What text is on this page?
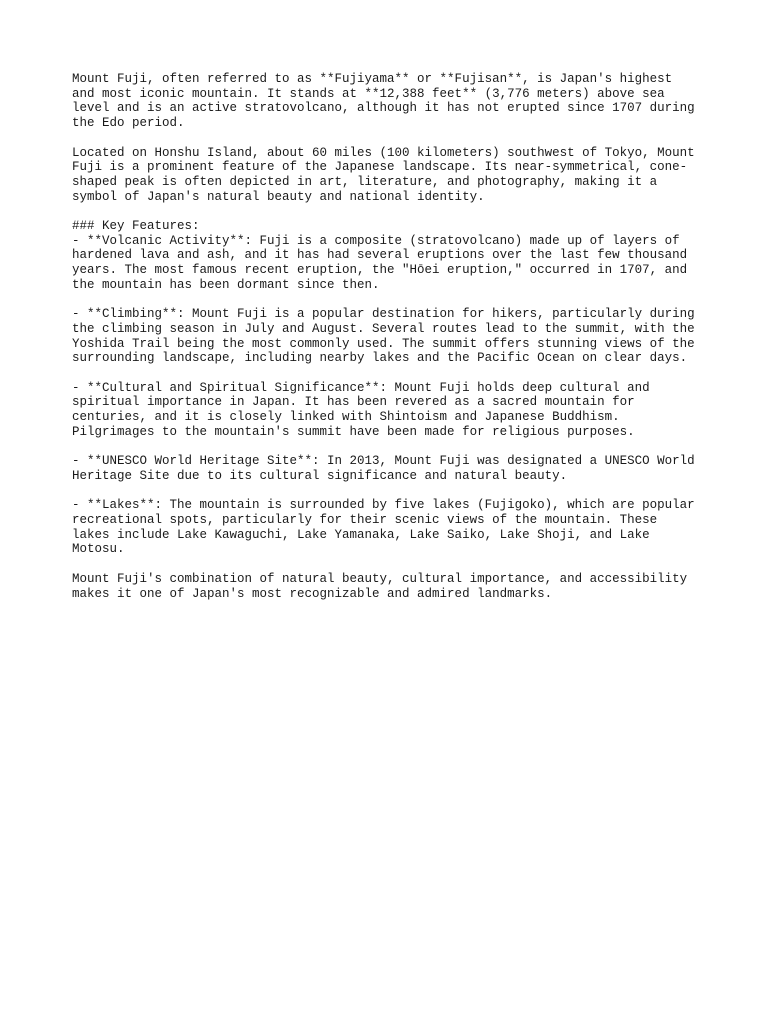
Mount Fuji, often referred to as **Fujiyama** or **Fujisan**, is Japan's highest
and most iconic mountain. It stands at **12,388 feet** (3,776 meters) above sea
level and is an active stratovolcano, although it has not erupted since 1707 during
the Edo period.

Located on Honshu Island, about 60 miles (100 kilometers) southwest of Tokyo, Mount
Fuji is a prominent feature of the Japanese landscape. Its near-symmetrical, cone-
shaped peak is often depicted in art, literature, and photography, making it a
symbol of Japan's natural beauty and national identity.

### Key Features:

- **Volcanic Activity**: Fuji is a composite (stratovolcano) made up of layers of
hardened lava and ash, and it has had several eruptions over the last few thousand
years. The most famous recent eruption, the "Hōei eruption," occurred in 1707, and
the mountain has been dormant since then.

- **Climbing**: Mount Fuji is a popular destination for hikers, particularly during
the climbing season in July and August. Several routes lead to the summit, with the
Yoshida Trail being the most commonly used. The summit offers stunning views of the
surrounding landscape, including nearby lakes and the Pacific Ocean on clear days.

- **Cultural and Spiritual Significance**: Mount Fuji holds deep cultural and
spiritual importance in Japan. It has been revered as a sacred mountain for
centuries, and it is closely linked with Shintoism and Japanese Buddhism.
Pilgrimages to the mountain's summit have been made for religious purposes.

- **UNESCO World Heritage Site**: In 2013, Mount Fuji was designated a UNESCO World
Heritage Site due to its cultural significance and natural beauty.

- **Lakes**: The mountain is surrounded by five lakes (Fujigoko), which are popular
recreational spots, particularly for their scenic views of the mountain. These
lakes include Lake Kawaguchi, Lake Yamanaka, Lake Saiko, Lake Shoji, and Lake
Motosu.

Mount Fuji's combination of natural beauty, cultural importance, and accessibility
makes it one of Japan's most recognizable and admired landmarks.
